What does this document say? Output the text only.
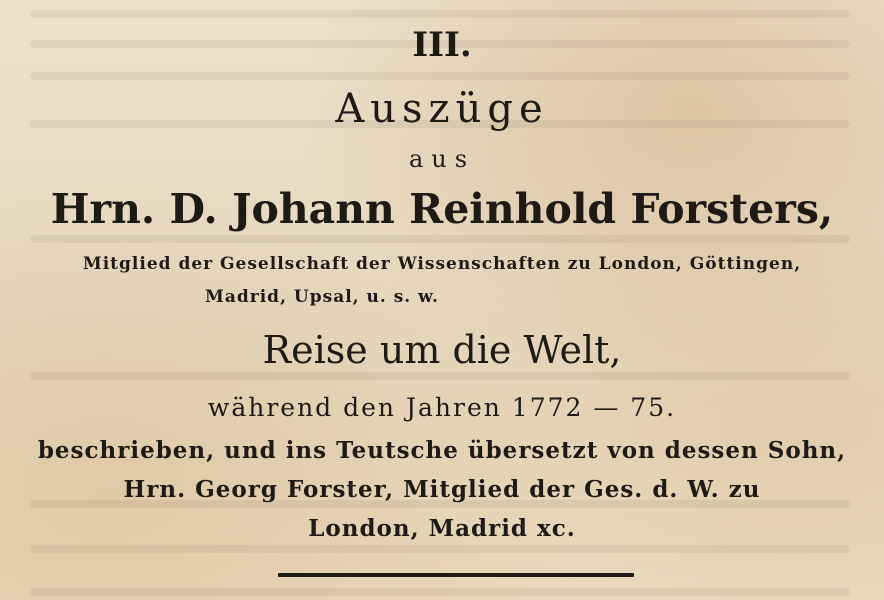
III.
Auszüge
aus
Hrn. D. Johann Reinhold Forsters,
Mitglied der Gesellschaft der Wissenschaften zu London, Göttingen,
Madrid, Upsal, u. s. w.
Reise um die Welt,
während den Jahren 1772 — 75.
beschrieben, und ins Teutsche übersetzt von dessen Sohn,
Hrn. Georg Forster, Mitglied der Ges. d. W. zu
London, Madrid xc.
